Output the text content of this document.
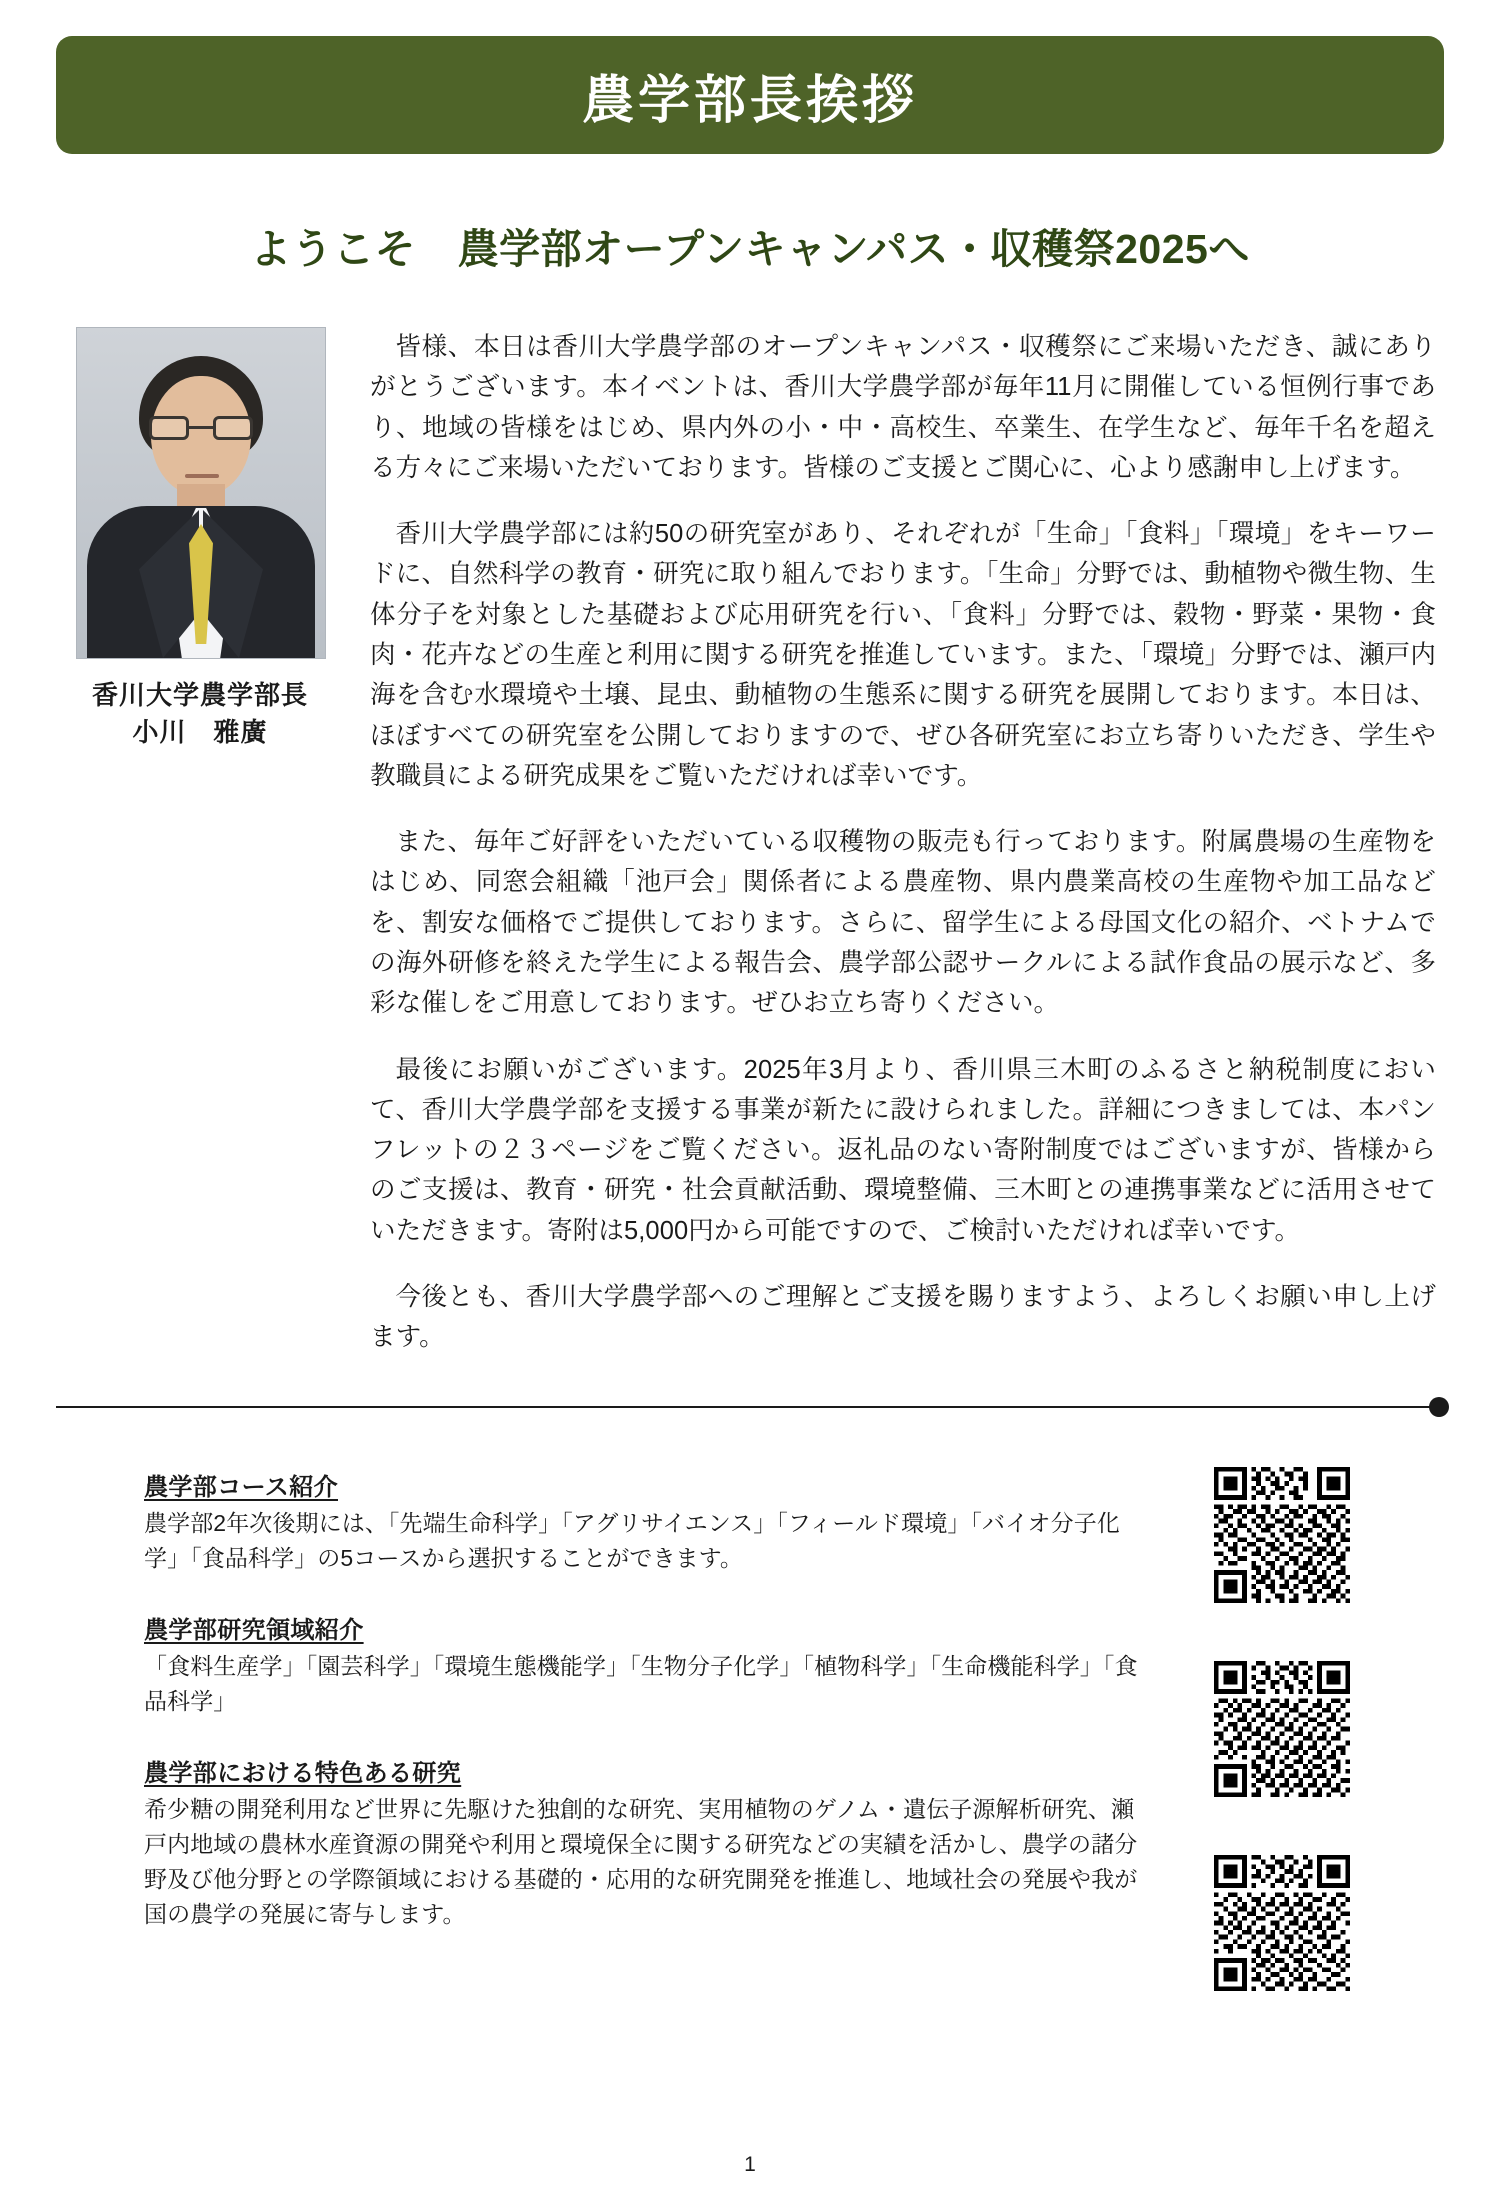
農学部長挨拶
ようこそ　農学部オープンキャンパス・収穫祭2025へ
香川大学農学部長
小川　雅廣

皆様、本日は香川大学農学部のオープンキャンパス・収穫祭にご来場いただき、誠にありがとうございます。本イベントは、香川大学農学部が毎年11月に開催している恒例行事であり、地域の皆様をはじめ、県内外の小・中・高校生、卒業生、在学生など、毎年千名を超える方々にご来場いただいております。皆様のご支援とご関心に、心より感謝申し上げます。

香川大学農学部には約50の研究室があり、それぞれが「生命」「食料」「環境」をキーワードに、自然科学の教育・研究に取り組んでおります。「生命」分野では、動植物や微生物、生体分子を対象とした基礎および応用研究を行い、「食料」分野では、穀物・野菜・果物・食肉・花卉などの生産と利用に関する研究を推進しています。また、「環境」分野では、瀬戸内海を含む水環境や土壌、昆虫、動植物の生態系に関する研究を展開しております。本日は、ほぼすべての研究室を公開しておりますので、ぜひ各研究室にお立ち寄りいただき、学生や教職員による研究成果をご覧いただければ幸いです。

また、毎年ご好評をいただいている収穫物の販売も行っております。附属農場の生産物をはじめ、同窓会組織「池戸会」関係者による農産物、県内農業高校の生産物や加工品などを、割安な価格でご提供しております。さらに、留学生による母国文化の紹介、ベトナムでの海外研修を終えた学生による報告会、農学部公認サークルによる試作食品の展示など、多彩な催しをご用意しております。ぜひお立ち寄りください。

最後にお願いがございます。2025年3月より、香川県三木町のふるさと納税制度において、香川大学農学部を支援する事業が新たに設けられました。詳細につきましては、本パンフレットの２３ページをご覧ください。返礼品のない寄附制度ではございますが、皆様からのご支援は、教育・研究・社会貢献活動、環境整備、三木町との連携事業などに活用させていただきます。寄附は5,000円から可能ですので、ご検討いただければ幸いです。

今後とも、香川大学農学部へのご理解とご支援を賜りますよう、よろしくお願い申し上げます。

農学部コース紹介
農学部2年次後期には、「先端生命科学」「アグリサイエンス」「フィールド環境」「バイオ分子化学」「食品科学」の5コースから選択することができます。
農学部研究領域紹介
「食料生産学」「園芸科学」「環境生態機能学」「生物分子化学」「植物科学」「生命機能科学」「食品科学」
農学部における特色ある研究
希少糖の開発利用など世界に先駆けた独創的な研究、実用植物のゲノム・遺伝子源解析研究、瀬戸内地域の農林水産資源の開発や利用と環境保全に関する研究などの実績を活かし、農学の諸分野及び他分野との学際領域における基礎的・応用的な研究開発を推進し、地域社会の発展や我が国の農学の発展に寄与します。
1
